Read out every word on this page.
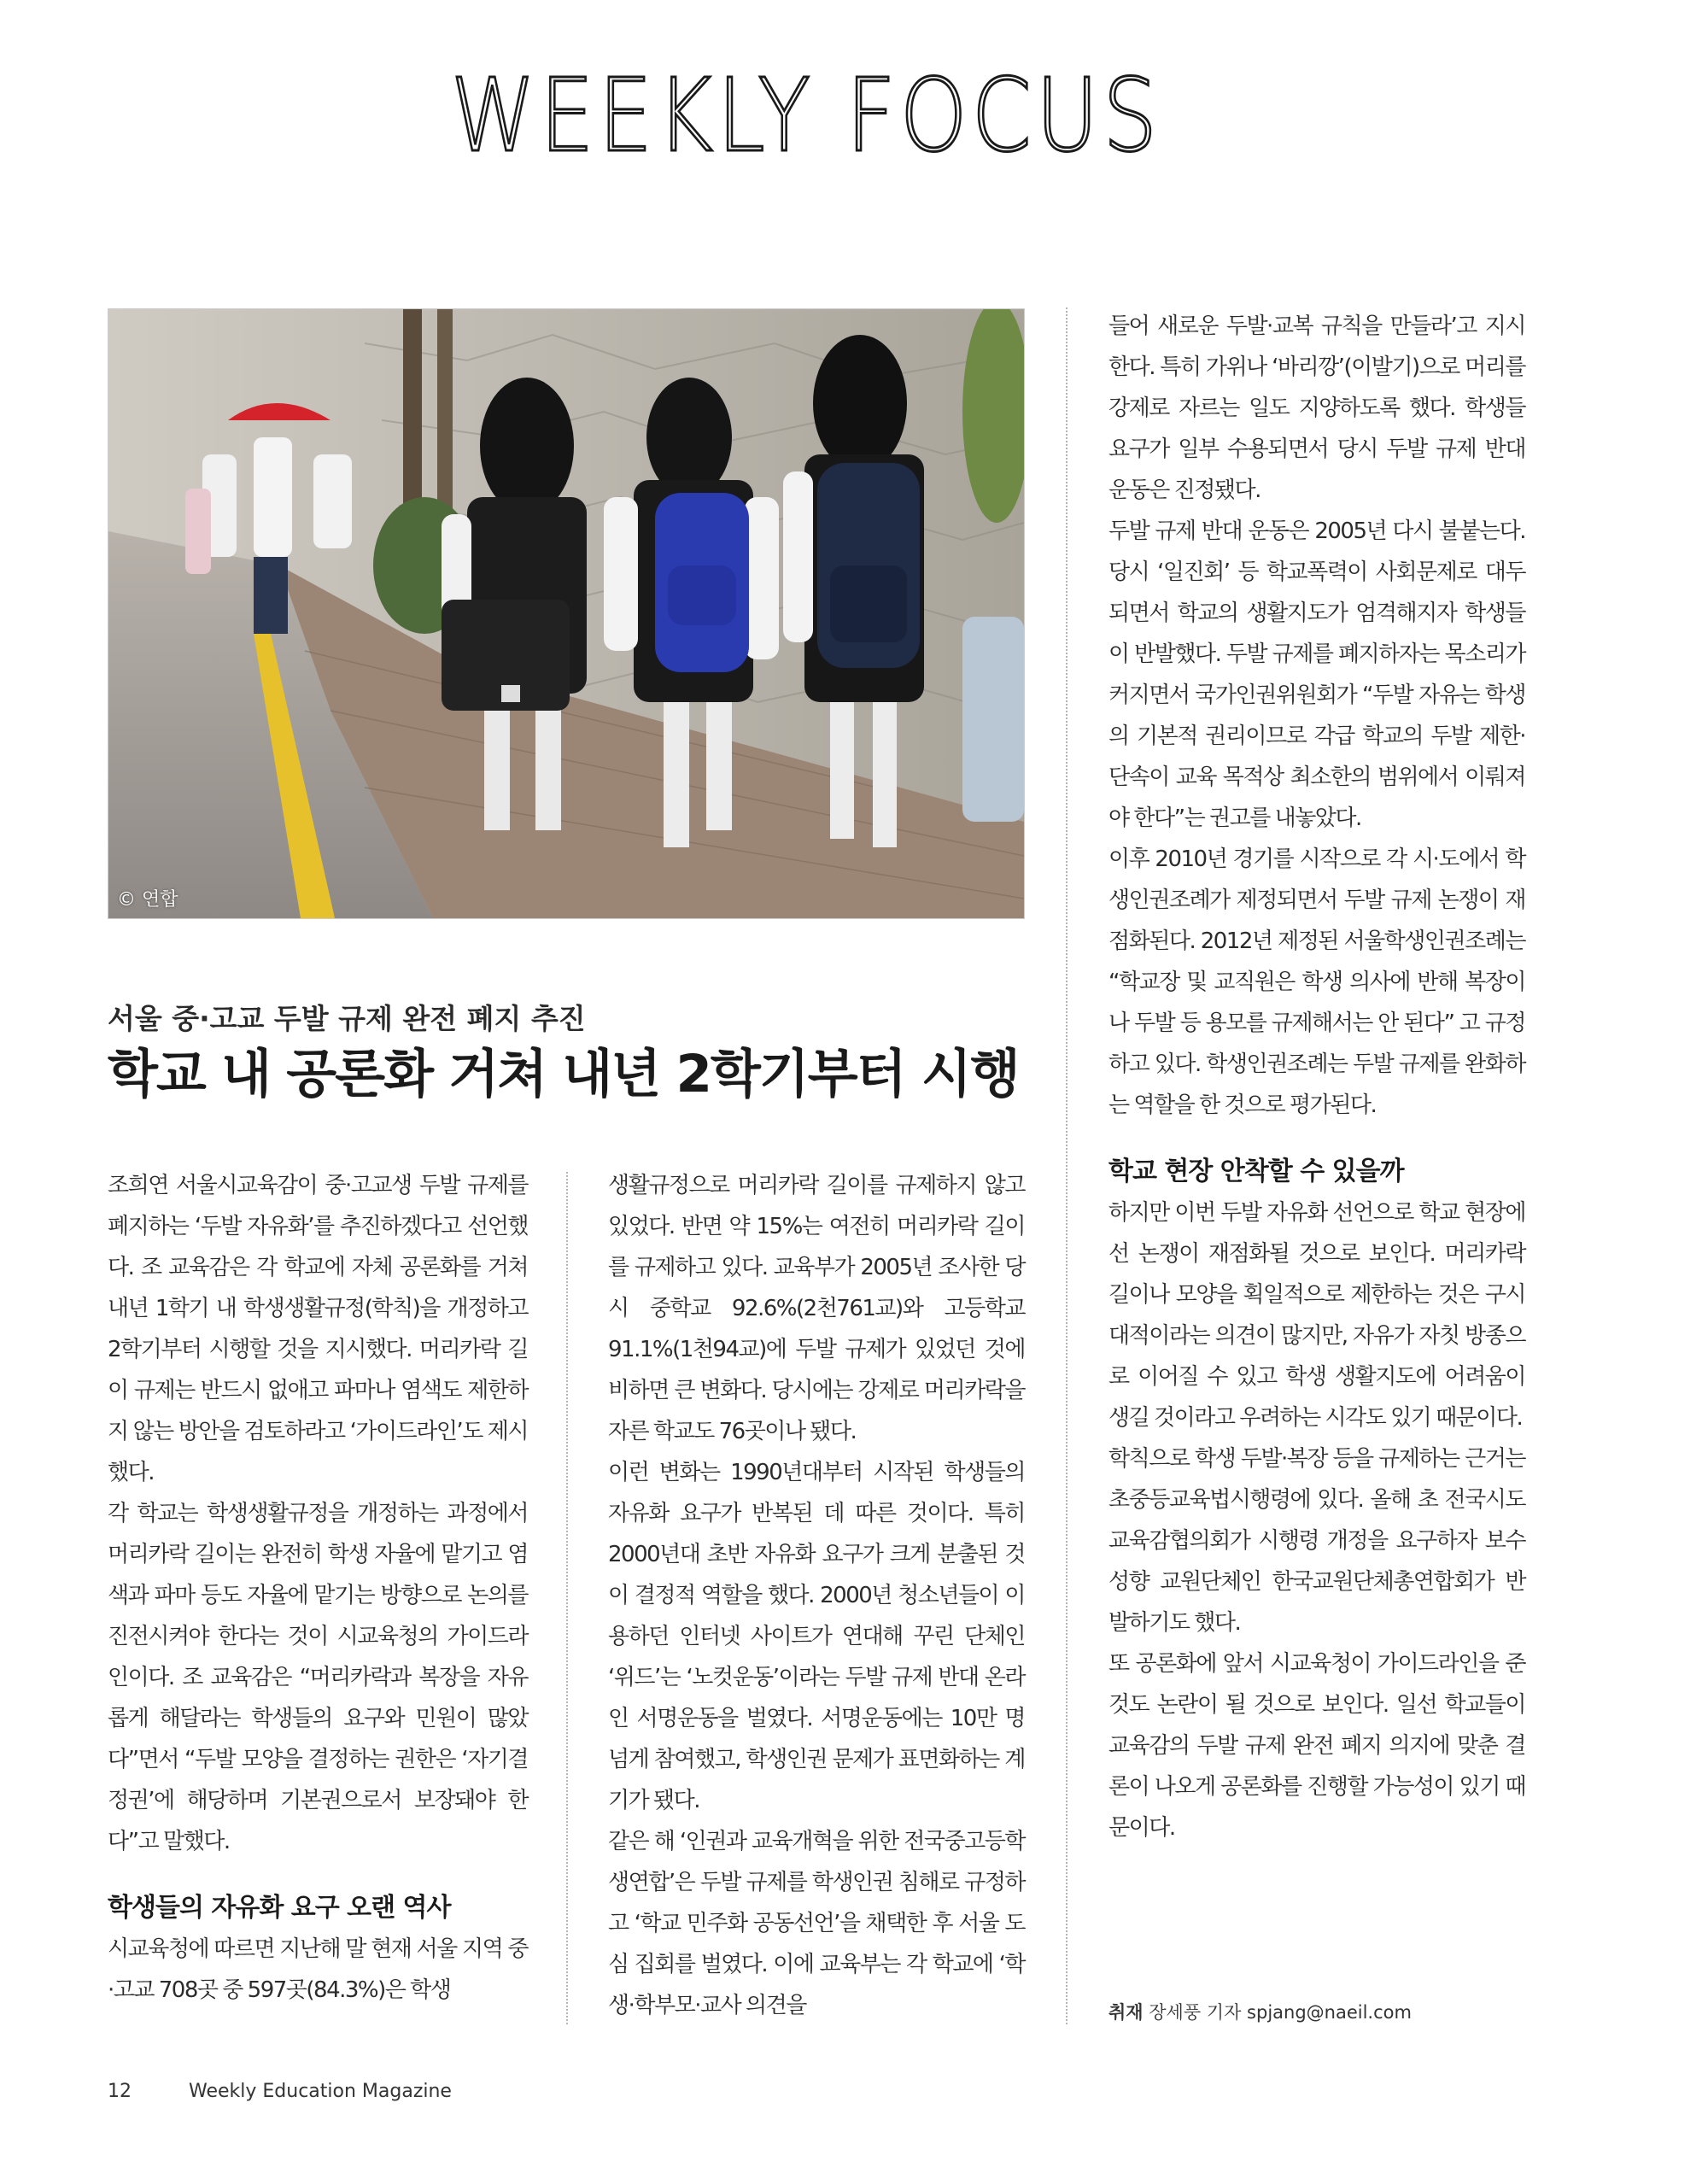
WEEKLY FOCUS
© 연합
서울 중·고교 두발 규제 완전 폐지 추진
학교 내 공론화 거쳐 내년 2학기부터 시행

조희연 서울시교육감이 중·고교생 두발 규제를 폐지하는 ‘두발 자유화’를 추진하겠다고 선언했다. 조 교육감은 각 학교에 자체 공론화를 거쳐 내년 1학기 내 학생생활규정(학칙)을 개정하고 2학기부터 시행할 것을 지시했다. 머리카락 길이 규제는 반드시 없애고 파마나 염색도 제한하지 않는 방안을 검토하라고 ‘가이드라인’도 제시했다.

각 학교는 학생생활규정을 개정하는 과정에서 머리카락 길이는 완전히 학생 자율에 맡기고 염색과 파마 등도 자율에 맡기는 방향으로 논의를 진전시켜야 한다는 것이 시교육청의 가이드라인이다. 조 교육감은 “머리카락과 복장을 자유롭게 해달라는 학생들의 요구와 민원이 많았다”면서 “두발 모양을 결정하는 권한은 ‘자기결정권’에 해당하며 기본권으로서 보장돼야 한다”고 말했다.

학생들의 자유화 요구 오랜 역사

시교육청에 따르면 지난해 말 현재 서울 지역 중·고교 708곳 중 597곳(84.3%)은 학생

생활규정으로 머리카락 길이를 규제하지 않고 있었다. 반면 약 15%는 여전히 머리카락 길이를 규제하고 있다. 교육부가 2005년 조사한 당시 중학교 92.6%(2천761교)와 고등학교 91.1%(1천94교)에 두발 규제가 있었던 것에 비하면 큰 변화다. 당시에는 강제로 머리카락을 자른 학교도 76곳이나 됐다.

이런 변화는 1990년대부터 시작된 학생들의 자유화 요구가 반복된 데 따른 것이다. 특히 2000년대 초반 자유화 요구가 크게 분출된 것이 결정적 역할을 했다. 2000년 청소년들이 이용하던 인터넷 사이트가 연대해 꾸린 단체인 ‘위드’는 ‘노컷운동’이라는 두발 규제 반대 온라인 서명운동을 벌였다. 서명운동에는 10만 명 넘게 참여했고, 학생인권 문제가 표면화하는 계기가 됐다.

같은 해 ‘인권과 교육개혁을 위한 전국중고등학생연합’은 두발 규제를 학생인권 침해로 규정하고 ‘학교 민주화 공동선언’을 채택한 후 서울 도심 집회를 벌였다. 이에 교육부는 각 학교에 ‘학생·학부모·교사 의견을

들어 새로운 두발·교복 규칙을 만들라’고 지시한다. 특히 가위나 ‘바리깡’(이발기)으로 머리를 강제로 자르는 일도 지양하도록 했다. 학생들 요구가 일부 수용되면서 당시 두발 규제 반대 운동은 진정됐다.

두발 규제 반대 운동은 2005년 다시 불붙는다. 당시 ‘일진회’ 등 학교폭력이 사회문제로 대두되면서 학교의 생활지도가 엄격해지자 학생들이 반발했다. 두발 규제를 폐지하자는 목소리가 커지면서 국가인권위원회가 “두발 자유는 학생의 기본적 권리이므로 각급 학교의 두발 제한·단속이 교육 목적상 최소한의 범위에서 이뤄져야 한다”는 권고를 내놓았다.

이후 2010년 경기를 시작으로 각 시·도에서 학생인권조례가 제정되면서 두발 규제 논쟁이 재점화된다. 2012년 제정된 서울학생인권조례는 “학교장 및 교직원은 학생 의사에 반해 복장이나 두발 등 용모를 규제해서는 안 된다” 고 규정하고 있다. 학생인권조례는 두발 규제를 완화하는 역할을 한 것으로 평가된다.

학교 현장 안착할 수 있을까

하지만 이번 두발 자유화 선언으로 학교 현장에선 논쟁이 재점화될 것으로 보인다. 머리카락 길이나 모양을 획일적으로 제한하는 것은 구시대적이라는 의견이 많지만, 자유가 자칫 방종으로 이어질 수 있고 학생 생활지도에 어려움이 생길 것이라고 우려하는 시각도 있기 때문이다.

학칙으로 학생 두발·복장 등을 규제하는 근거는 초중등교육법시행령에 있다. 올해 초 전국시도교육감협의회가 시행령 개정을 요구하자 보수 성향 교원단체인 한국교원단체총연합회가 반발하기도 했다.

또 공론화에 앞서 시교육청이 가이드라인을 준 것도 논란이 될 것으로 보인다. 일선 학교들이 교육감의 두발 규제 완전 폐지 의지에 맞춘 결론이 나오게 공론화를 진행할 가능성이 있기 때문이다.

취재 장세풍 기자 spjang@naeil.com
12	Weekly Education Magazine
